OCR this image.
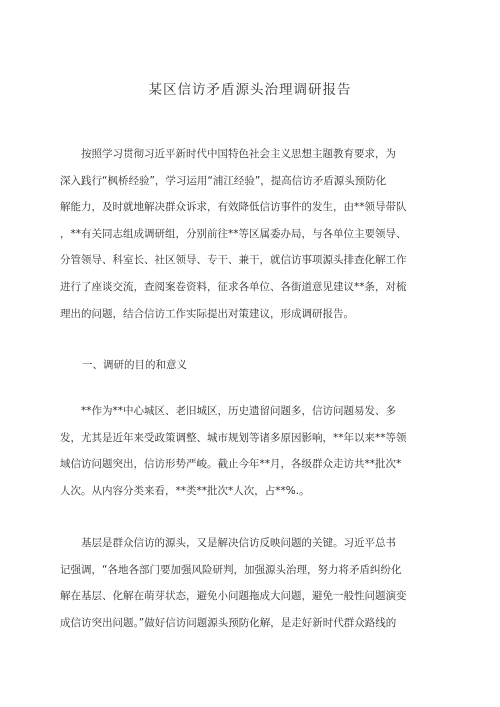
某区信访矛盾源头治理调研报告
按照学习贯彻习近平新时代中国特色社会主义思想主题教育要求，为
深入践行“枫桥经验”，学习运用“浦江经验”，提高信访矛盾源头预防化
解能力，及时就地解决群众诉求，有效降低信访事件的发生，由**领导带队
，**有关同志组成调研组，分别前往**等区属委办局，与各单位主要领导、
分管领导、科室长、社区领导、专干、兼干，就信访事项源头排查化解工作
进行了座谈交流，查阅案卷资料，征求各单位、各街道意见建议**条，对梳
理出的问题，结合信访工作实际提出对策建议，形成调研报告。
一、调研的目的和意义
**作为**中心城区、老旧城区，历史遗留问题多，信访问题易发、多
发，尤其是近年来受政策调整、城市规划等诸多原因影响，**年以来**等领
域信访问题突出，信访形势严峻。截止今年**月，各级群众走访共**批次*
人次。从内容分类来看，**类**批次*人次，占**%.。
基层是群众信访的源头，又是解决信访反映问题的关键。习近平总书
记强调，“各地各部门要加强风险研判，加强源头治理，努力将矛盾纠纷化
解在基层、化解在萌芽状态，避免小问题拖成大问题，避免一般性问题演变
成信访突出问题。”做好信访问题源头预防化解，是走好新时代群众路线的
